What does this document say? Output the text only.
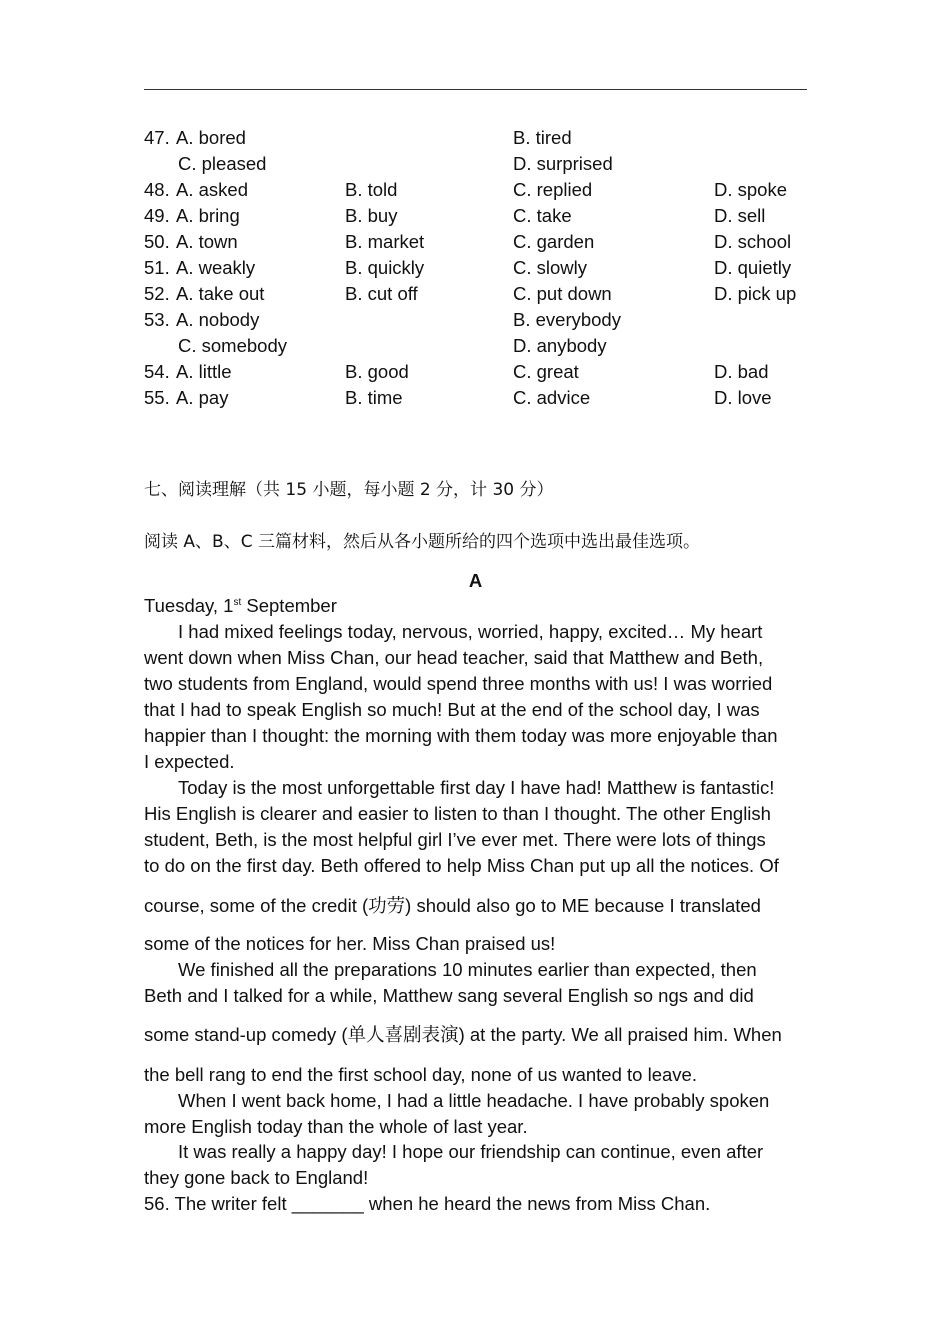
47. A. bored	B. tired
C. pleased	D. surprised
48. A. asked	B. told	C. replied	D. spoke
49. A. bring	B. buy	C. take	D. sell
50. A. town	B. market	C. garden	D. school
51. A. weakly	B. quickly	C. slowly	D. quietly
52. A. take out	B. cut off	C. put down	D. pick up
53. A. nobody	B. everybody
C. somebody	D. anybody
54. A. little	B. good	C. great	D. bad
55. A. pay	B. time	C. advice	D. love
七、阅读理解（共 15 小题，每小题 2 分，计 30 分）
阅读 A、B、C 三篇材料，然后从各小题所给的四个选项中选出最佳选项。
A
Tuesday, 1st September
I had mixed feelings today, nervous, worried, happy, excited… My heart
went down when Miss Chan, our head teacher, said that Matthew and Beth,
two students from England, would spend three months with us! I was worried
that I had to speak English so much! But at the end of the school day, I was
happier than I thought: the morning with them today was more enjoyable than
I expected.
Today is the most unforgettable first day I have had! Matthew is fantastic!
His English is clearer and easier to listen to than I thought. The other English
student, Beth, is the most helpful girl I’ve ever met. There were lots of things
to do on the first day. Beth offered to help Miss Chan put up all the notices. Of
course, some of the credit (功劳) should also go to ME because I translated
some of the notices for her. Miss Chan praised us!
We finished all the preparations 10 minutes earlier than expected, then
Beth and I talked for a while, Matthew sang several English so ngs and did
some stand-up comedy (单人喜剧表演) at the party. We all praised him. When
the bell rang to end the first school day, none of us wanted to leave.
When I went back home, I had a little headache. I have probably spoken
more English today than the whole of last year.
It was really a happy day! I hope our friendship can continue, even after
they gone back to England!
56. The writer felt _______ when he heard the news from Miss Chan.
